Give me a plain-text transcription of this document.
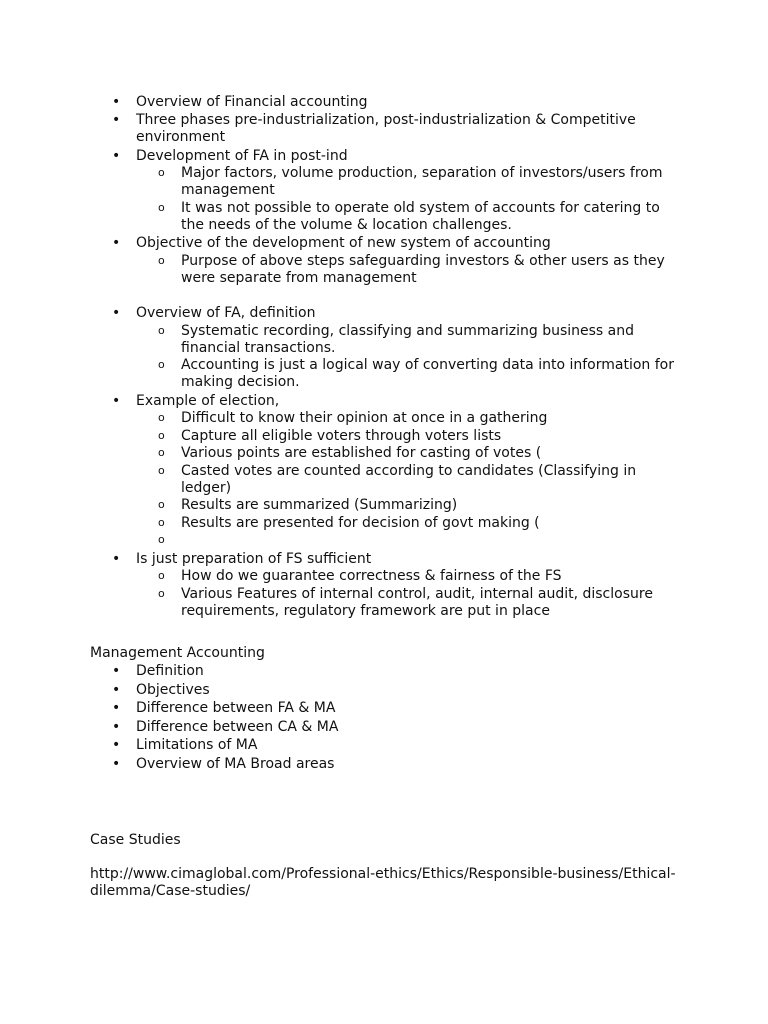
• Overview of Financial accounting
• Three phases pre-industrialization, post-industrialization & Competitive environment
• Development of FA in post-ind
o Major factors, volume production, separation of investors/users from management
o It was not possible to operate old system of accounts for catering to the needs of the volume & location challenges.
• Objective of the development of new system of accounting
o Purpose of above steps safeguarding investors & other users as they were separate from management
• Overview of FA, definition
o Systematic recording, classifying and summarizing business and financial transactions.
o Accounting is just a logical way of converting data into information for making decision.
• Example of election,
o Difficult to know their opinion at once in a gathering
o Capture all eligible voters through voters lists
o Various points are established for casting of votes (
o Casted votes are counted according to candidates (Classifying in ledger)
o Results are summarized (Summarizing)
o Results are presented for decision of govt making (
o
• Is just preparation of FS sufficient
o How do we guarantee correctness & fairness of the FS
o Various Features of internal control, audit, internal audit, disclosure requirements, regulatory framework are put in place

Management Accounting

• Definition
• Objectives
• Difference between FA & MA
• Difference between CA & MA
• Limitations of MA
• Overview of MA Broad areas

Case Studies

http://www.cimaglobal.com/Professional-ethics/Ethics/Responsible-business/Ethical-dilemma/Case-studies/
